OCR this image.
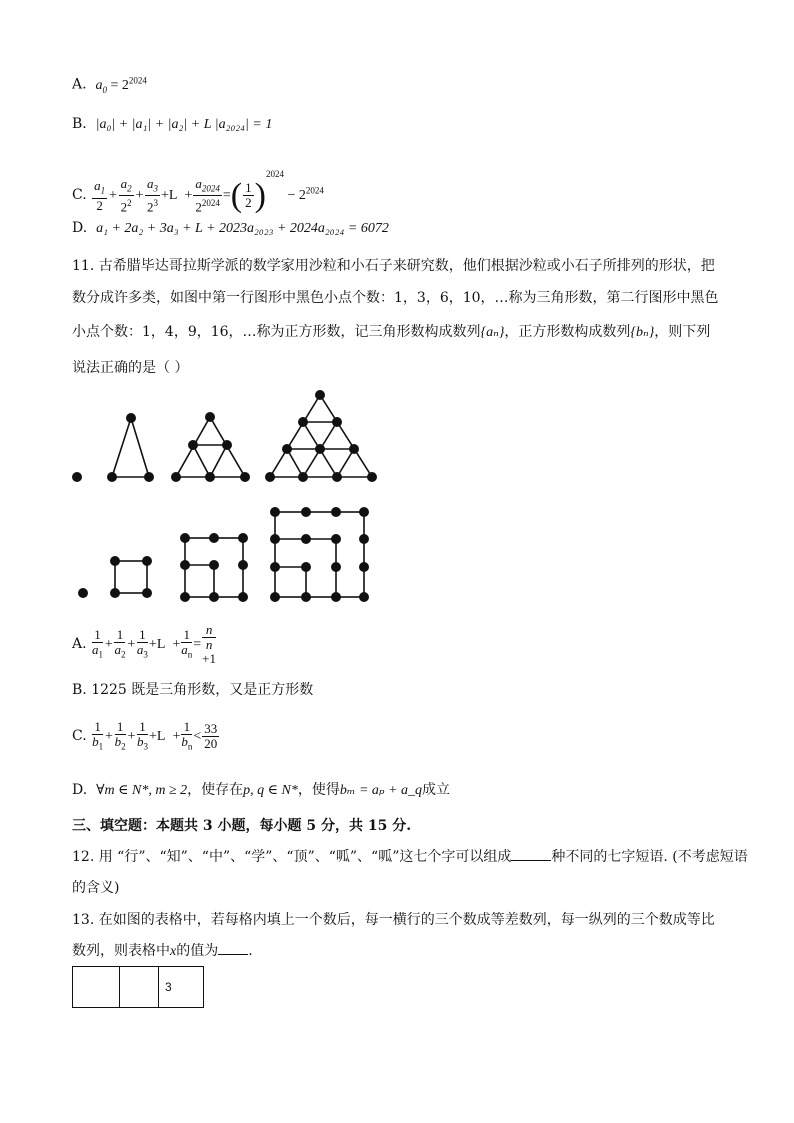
A. $a_0 = 2^{2024}$
B. |a₀| + |a₁| + |a₂| + L |a₂₀₂₄| = 1
C. $\frac{a_1}{2} + \frac{a_2}{2^2} + \frac{a_3}{2^3} +L + \frac{a_{2024}}{2^{2024}}$ =( $\frac{1}{2} )^{2024} - 2^{2024}$
D. a₁ + 2a₂ + 3a₃ + L + 2023a₂₀₂₃ + 2024a₂₀₂₄ = 6072
11. 古希腊毕达哥拉斯学派的数学家用沙粒和小石子来研究数，他们根据沙粒或小石子所排列的形状，把
数分成许多类，如图中第一行图形中黑色小点个数：1，3，6，10，…称为三角形数，第二行图形中黑色
小点个数：1，4，9，16，…称为正方形数，记三角形数构成数列{aₙ}，正方形数构成数列{bₙ}，则下列
说法正确的是（ ）
A. $\frac{1}{a_1} + \frac{1}{a_2} + \frac{1}{a_3} +L + \frac{1}{a_n} = n$
n
+1
B. 1225 既是三角形数，又是正方形数
C. $\frac{1}{b_1} + \frac{1}{b_2} + \frac{1}{b_3} +L + \frac{1}{b_n} < \frac{33}{20}$
D. ∀m ∈ N*, m ≥ 2，使存在p, q ∈ N*，使得bₘ = aₚ + a_q成立
三、填空题：本题共 3 小题，每小题 5 分，共 15 分.
12. 用 “行”、“知”、“中”、“学”、“顶”、“呱”、“呱”这七个字可以组成	种不同的七字短语. (不考虑短语
的含义)
13. 在如图的表格中，若每格内填上一个数后，每一横行的三个数成等差数列，每一纵列的三个数成等比
数列，则表格中x的值为 .
		3
